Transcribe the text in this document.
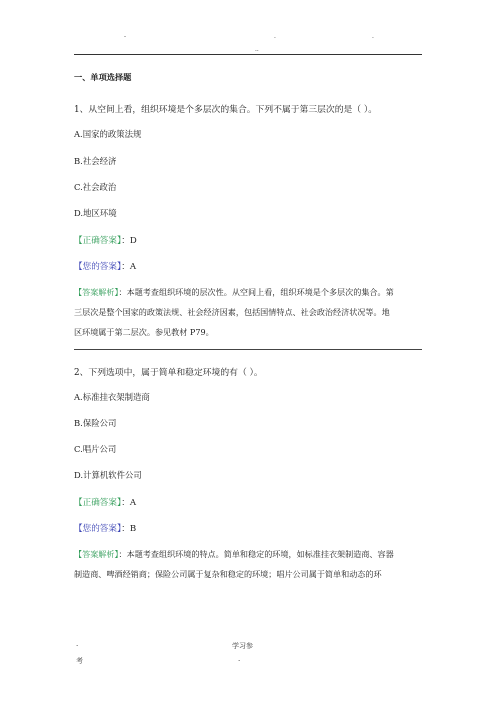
-	.	.
..
一、单项选择题
1、从空间上看，组织环境是个多层次的集合。下列不属于第三层次的是（ ）。
A.国家的政策法规
B.社会经济
C.社会政治
D.地区环境
【正确答案】：D
【您的答案】：A
【答案解析】：本题考查组织环境的层次性。从空间上看，组织环境是个多层次的集合。第
三层次是整个国家的政策法规、社会经济因素，包括国情特点、社会政治经济状况等。地
区环境属于第二层次。参见教材 P79。
2、下列选项中，属于简单和稳定环境的有（ ）。
A.标准挂衣架制造商
B.保险公司
C.唱片公司
D.计算机软件公司
【正确答案】：A
【您的答案】：B
【答案解析】：本题考查组织环境的特点。简单和稳定的环境，如标准挂衣架制造商、容器
制造商、啤酒经销商；保险公司属于复杂和稳定的环境；唱片公司属于简单和动态的环
.	学习参
考	.
